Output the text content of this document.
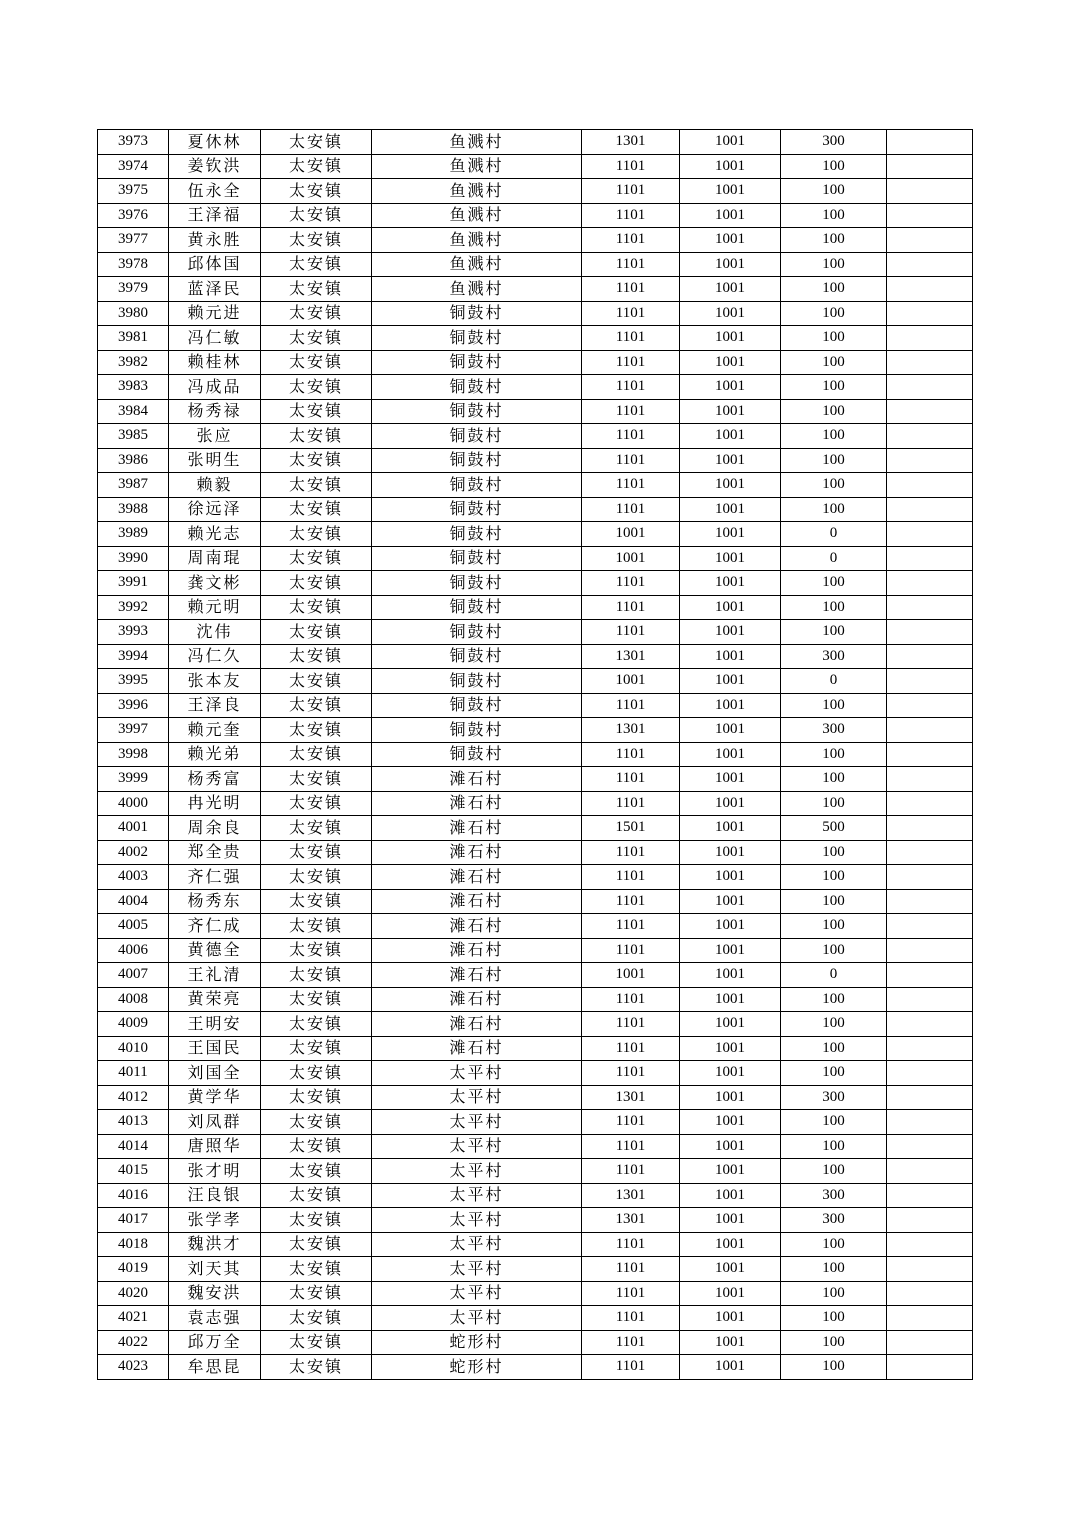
3973	夏休林	太安镇	鱼溅村	1301	1001	300	
3974	姜钦洪	太安镇	鱼溅村	1101	1001	100	
3975	伍永全	太安镇	鱼溅村	1101	1001	100	
3976	王泽福	太安镇	鱼溅村	1101	1001	100	
3977	黄永胜	太安镇	鱼溅村	1101	1001	100	
3978	邱体国	太安镇	鱼溅村	1101	1001	100	
3979	蓝泽民	太安镇	鱼溅村	1101	1001	100	
3980	赖元进	太安镇	铜鼓村	1101	1001	100	
3981	冯仁敏	太安镇	铜鼓村	1101	1001	100	
3982	赖桂林	太安镇	铜鼓村	1101	1001	100	
3983	冯成品	太安镇	铜鼓村	1101	1001	100	
3984	杨秀禄	太安镇	铜鼓村	1101	1001	100	
3985	张应	太安镇	铜鼓村	1101	1001	100	
3986	张明生	太安镇	铜鼓村	1101	1001	100	
3987	赖毅	太安镇	铜鼓村	1101	1001	100	
3988	徐远泽	太安镇	铜鼓村	1101	1001	100	
3989	赖光志	太安镇	铜鼓村	1001	1001	0	
3990	周南琨	太安镇	铜鼓村	1001	1001	0	
3991	龚文彬	太安镇	铜鼓村	1101	1001	100	
3992	赖元明	太安镇	铜鼓村	1101	1001	100	
3993	沈伟	太安镇	铜鼓村	1101	1001	100	
3994	冯仁久	太安镇	铜鼓村	1301	1001	300	
3995	张本友	太安镇	铜鼓村	1001	1001	0	
3996	王泽良	太安镇	铜鼓村	1101	1001	100	
3997	赖元奎	太安镇	铜鼓村	1301	1001	300	
3998	赖光弟	太安镇	铜鼓村	1101	1001	100	
3999	杨秀富	太安镇	滩石村	1101	1001	100	
4000	冉光明	太安镇	滩石村	1101	1001	100	
4001	周余良	太安镇	滩石村	1501	1001	500	
4002	郑全贵	太安镇	滩石村	1101	1001	100	
4003	齐仁强	太安镇	滩石村	1101	1001	100	
4004	杨秀东	太安镇	滩石村	1101	1001	100	
4005	齐仁成	太安镇	滩石村	1101	1001	100	
4006	黄德全	太安镇	滩石村	1101	1001	100	
4007	王礼清	太安镇	滩石村	1001	1001	0	
4008	黄荣亮	太安镇	滩石村	1101	1001	100	
4009	王明安	太安镇	滩石村	1101	1001	100	
4010	王国民	太安镇	滩石村	1101	1001	100	
4011	刘国全	太安镇	太平村	1101	1001	100	
4012	黄学华	太安镇	太平村	1301	1001	300	
4013	刘凤群	太安镇	太平村	1101	1001	100	
4014	唐照华	太安镇	太平村	1101	1001	100	
4015	张才明	太安镇	太平村	1101	1001	100	
4016	汪良银	太安镇	太平村	1301	1001	300	
4017	张学孝	太安镇	太平村	1301	1001	300	
4018	魏洪才	太安镇	太平村	1101	1001	100	
4019	刘天其	太安镇	太平村	1101	1001	100	
4020	魏安洪	太安镇	太平村	1101	1001	100	
4021	袁志强	太安镇	太平村	1101	1001	100	
4022	邱万全	太安镇	蛇形村	1101	1001	100	
4023	牟思昆	太安镇	蛇形村	1101	1001	100	
